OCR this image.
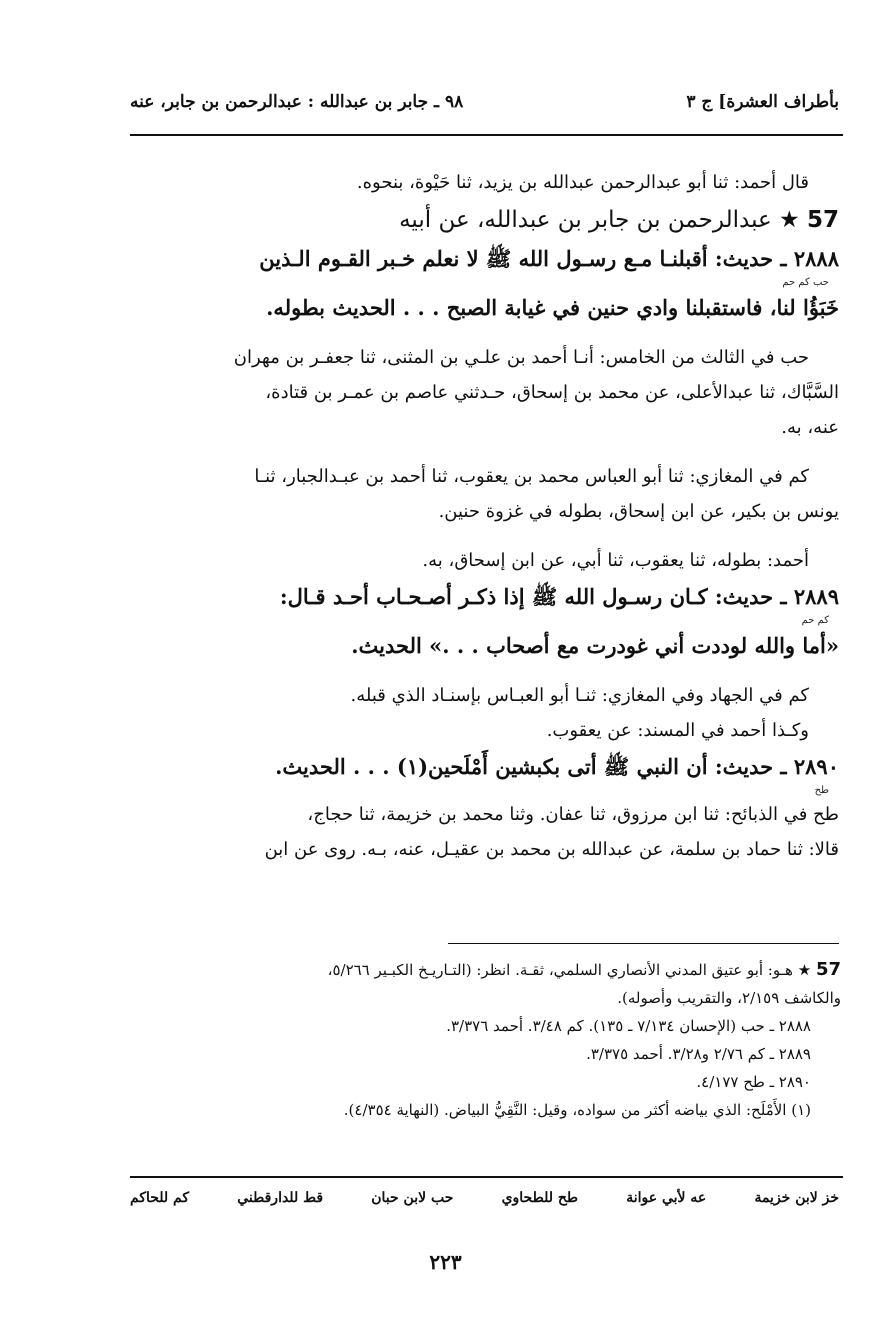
بأطراف العشرة] ج ٣
٩٨ ـ جابر بن عبدالله : عبدالرحمن بن جابر، عنه
قال أحمد: ثنا أبو عبدالرحمن عبدالله بن يزيد، ثنا حَيْوة، بنحوه.
57 ★ عبدالرحمن بن جابر بن عبدالله، عن أبيه
٢٨٨٨ ـ حديث: أقبلنـا مـع رسـول الله ﷺ لا نعلم خـبر القـوم الـذين
حب كم حم
خَبَؤُا لنا، فاستقبلنا وادي حنين في غيابة الصبح . . . الحديث بطوله.
حب في الثالث من الخامس: أنـا أحمد بن علـي بن المثنى، ثنا جعفـر بن مهران
السَّبَّاك، ثنا عبدالأعلى، عن محمد بن إسحاق، حـدثني عاصم بن عمـر بن قتادة،
عنه، به.
كم في المغازي: ثنا أبو العباس محمد بن يعقوب، ثنا أحمد بن عبـدالجبار، ثنـا
يونس بن بكير، عن ابن إسحاق، بطوله في غزوة حنين.
أحمد: بطوله، ثنا يعقوب، ثنا أبي، عن ابن إسحاق، به.
٢٨٨٩ ـ حديث: كـان رسـول الله ﷺ إذا ذكـر أصـحـاب أحـد قـال:
كم حم
«أما والله لوددت أني غودرت مع أصحاب . . .» الحديث.
كم في الجهاد وفي المغازي: ثنـا أبو العبـاس بإسنـاد الذي قبله.
وكـذا أحمد في المسند: عن يعقوب.
٢٨٩٠ ـ حديث: أن النبي ﷺ أتى بكبشين أَمْلَحين(١) . . . الحديث.
طح
طح في الذبائح: ثنا ابن مرزوق، ثنا عفان. وثنا محمد بن خزيمة، ثنا حجاج،
قالا: ثنا حماد بن سلمة، عن عبدالله بن محمد بن عقيـل، عنه، بـه. روى عن ابن
57 ★ هـو: أبو عتيق المدني الأنصاري السلمي، ثقـة. انظر: (التـاريـخ الكبـير ٥/٢٦٦،
والكاشف ٢/١٥٩، والتقريب وأصوله).
٢٨٨٨ ـ حب (الإحسان ٧/١٣٤ ـ ١٣٥). كم ٣/٤٨. أحمد ٣/٣٧٦.
٢٨٨٩ ـ كم ٢/٧٦ و٣/٢٨. أحمد ٣/٣٧٥.
٢٨٩٠ ـ طح ٤/١٧٧.
(١) الأَمْلَح: الذي بياضه أكثر من سواده، وقيل: النَّقِيُّ البياض. (النهاية ٤/٣٥٤).
خز لابن خزيمة
عه لأبي عوانة
طح للطحاوي
حب لابن حبان
قط للدارقطني
كم للحاكم
٢٢٣
